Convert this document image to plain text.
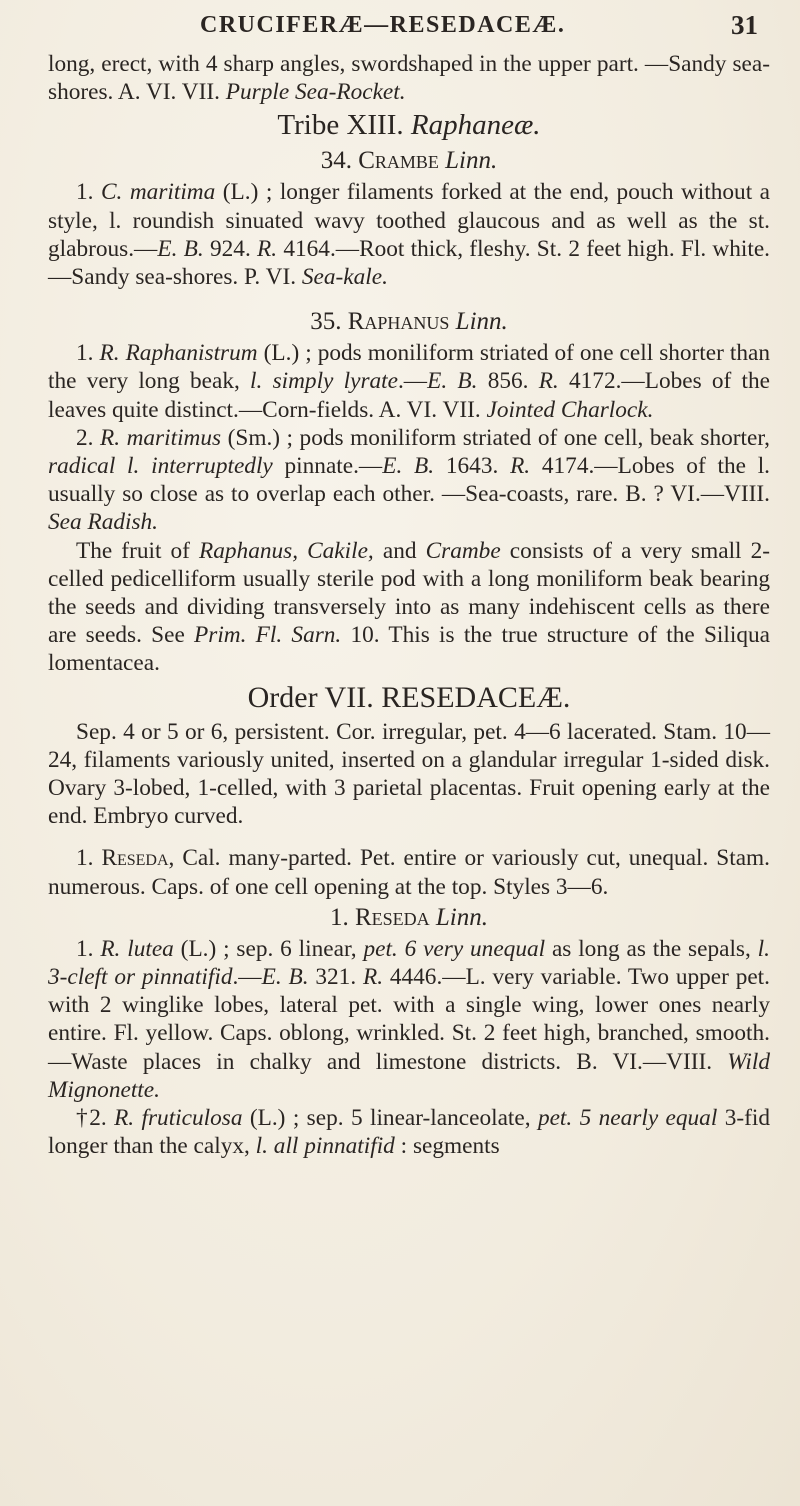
CRUCIFERÆ—RESEDACEÆ.	31

long, erect, with 4 sharp angles, swordshaped in the upper part. —Sandy sea-shores. A. VI. VII. Purple Sea-Rocket.

Tribe XIII. Raphaneæ.

34. Crambe Linn.

1. C. maritima (L.) ; longer filaments forked at the end, pouch without a style, l. roundish sinuated wavy toothed glaucous and as well as the st. glabrous.—E. B. 924. R. 4164.—Root thick, fleshy. St. 2 feet high. Fl. white.—Sandy sea-shores. P. VI. Sea-kale.

35. Raphanus Linn.

1. R. Raphanistrum (L.) ; pods moniliform striated of one cell shorter than the very long beak, l. simply lyrate.—E. B. 856. R. 4172.—Lobes of the leaves quite distinct.—Corn-fields. A. VI. VII. Jointed Charlock.

2. R. maritimus (Sm.) ; pods moniliform striated of one cell, beak shorter, radical l. interruptedly pinnate.—E. B. 1643. R. 4174.—Lobes of the l. usually so close as to overlap each other. —Sea-coasts, rare. B. ? VI.—VIII. Sea Radish.

The fruit of Raphanus, Cakile, and Crambe consists of a very small 2-celled pedicelliform usually sterile pod with a long moniliform beak bearing the seeds and dividing transversely into as many indehiscent cells as there are seeds. See Prim. Fl. Sarn. 10. This is the true structure of the Siliqua lomentacea.

Order VII. RESEDACEÆ.

Sep. 4 or 5 or 6, persistent. Cor. irregular, pet. 4—6 lacerated. Stam. 10—24, filaments variously united, inserted on a glandular irregular 1-sided disk. Ovary 3-lobed, 1-celled, with 3 parietal placentas. Fruit opening early at the end. Embryo curved.

1. Reseda, Cal. many-parted. Pet. entire or variously cut, unequal. Stam. numerous. Caps. of one cell opening at the top. Styles 3—6.

1. Reseda Linn.

1. R. lutea (L.) ; sep. 6 linear, pet. 6 very unequal as long as the sepals, l. 3-cleft or pinnatifid.—E. B. 321. R. 4446.—L. very variable. Two upper pet. with 2 winglike lobes, lateral pet. with a single wing, lower ones nearly entire. Fl. yellow. Caps. oblong, wrinkled. St. 2 feet high, branched, smooth.—Waste places in chalky and limestone districts. B. VI.—VIII. Wild Mignonette.

†2. R. fruticulosa (L.) ; sep. 5 linear-lanceolate, pet. 5 nearly equal 3-fid longer than the calyx, l. all pinnatifid : segments
